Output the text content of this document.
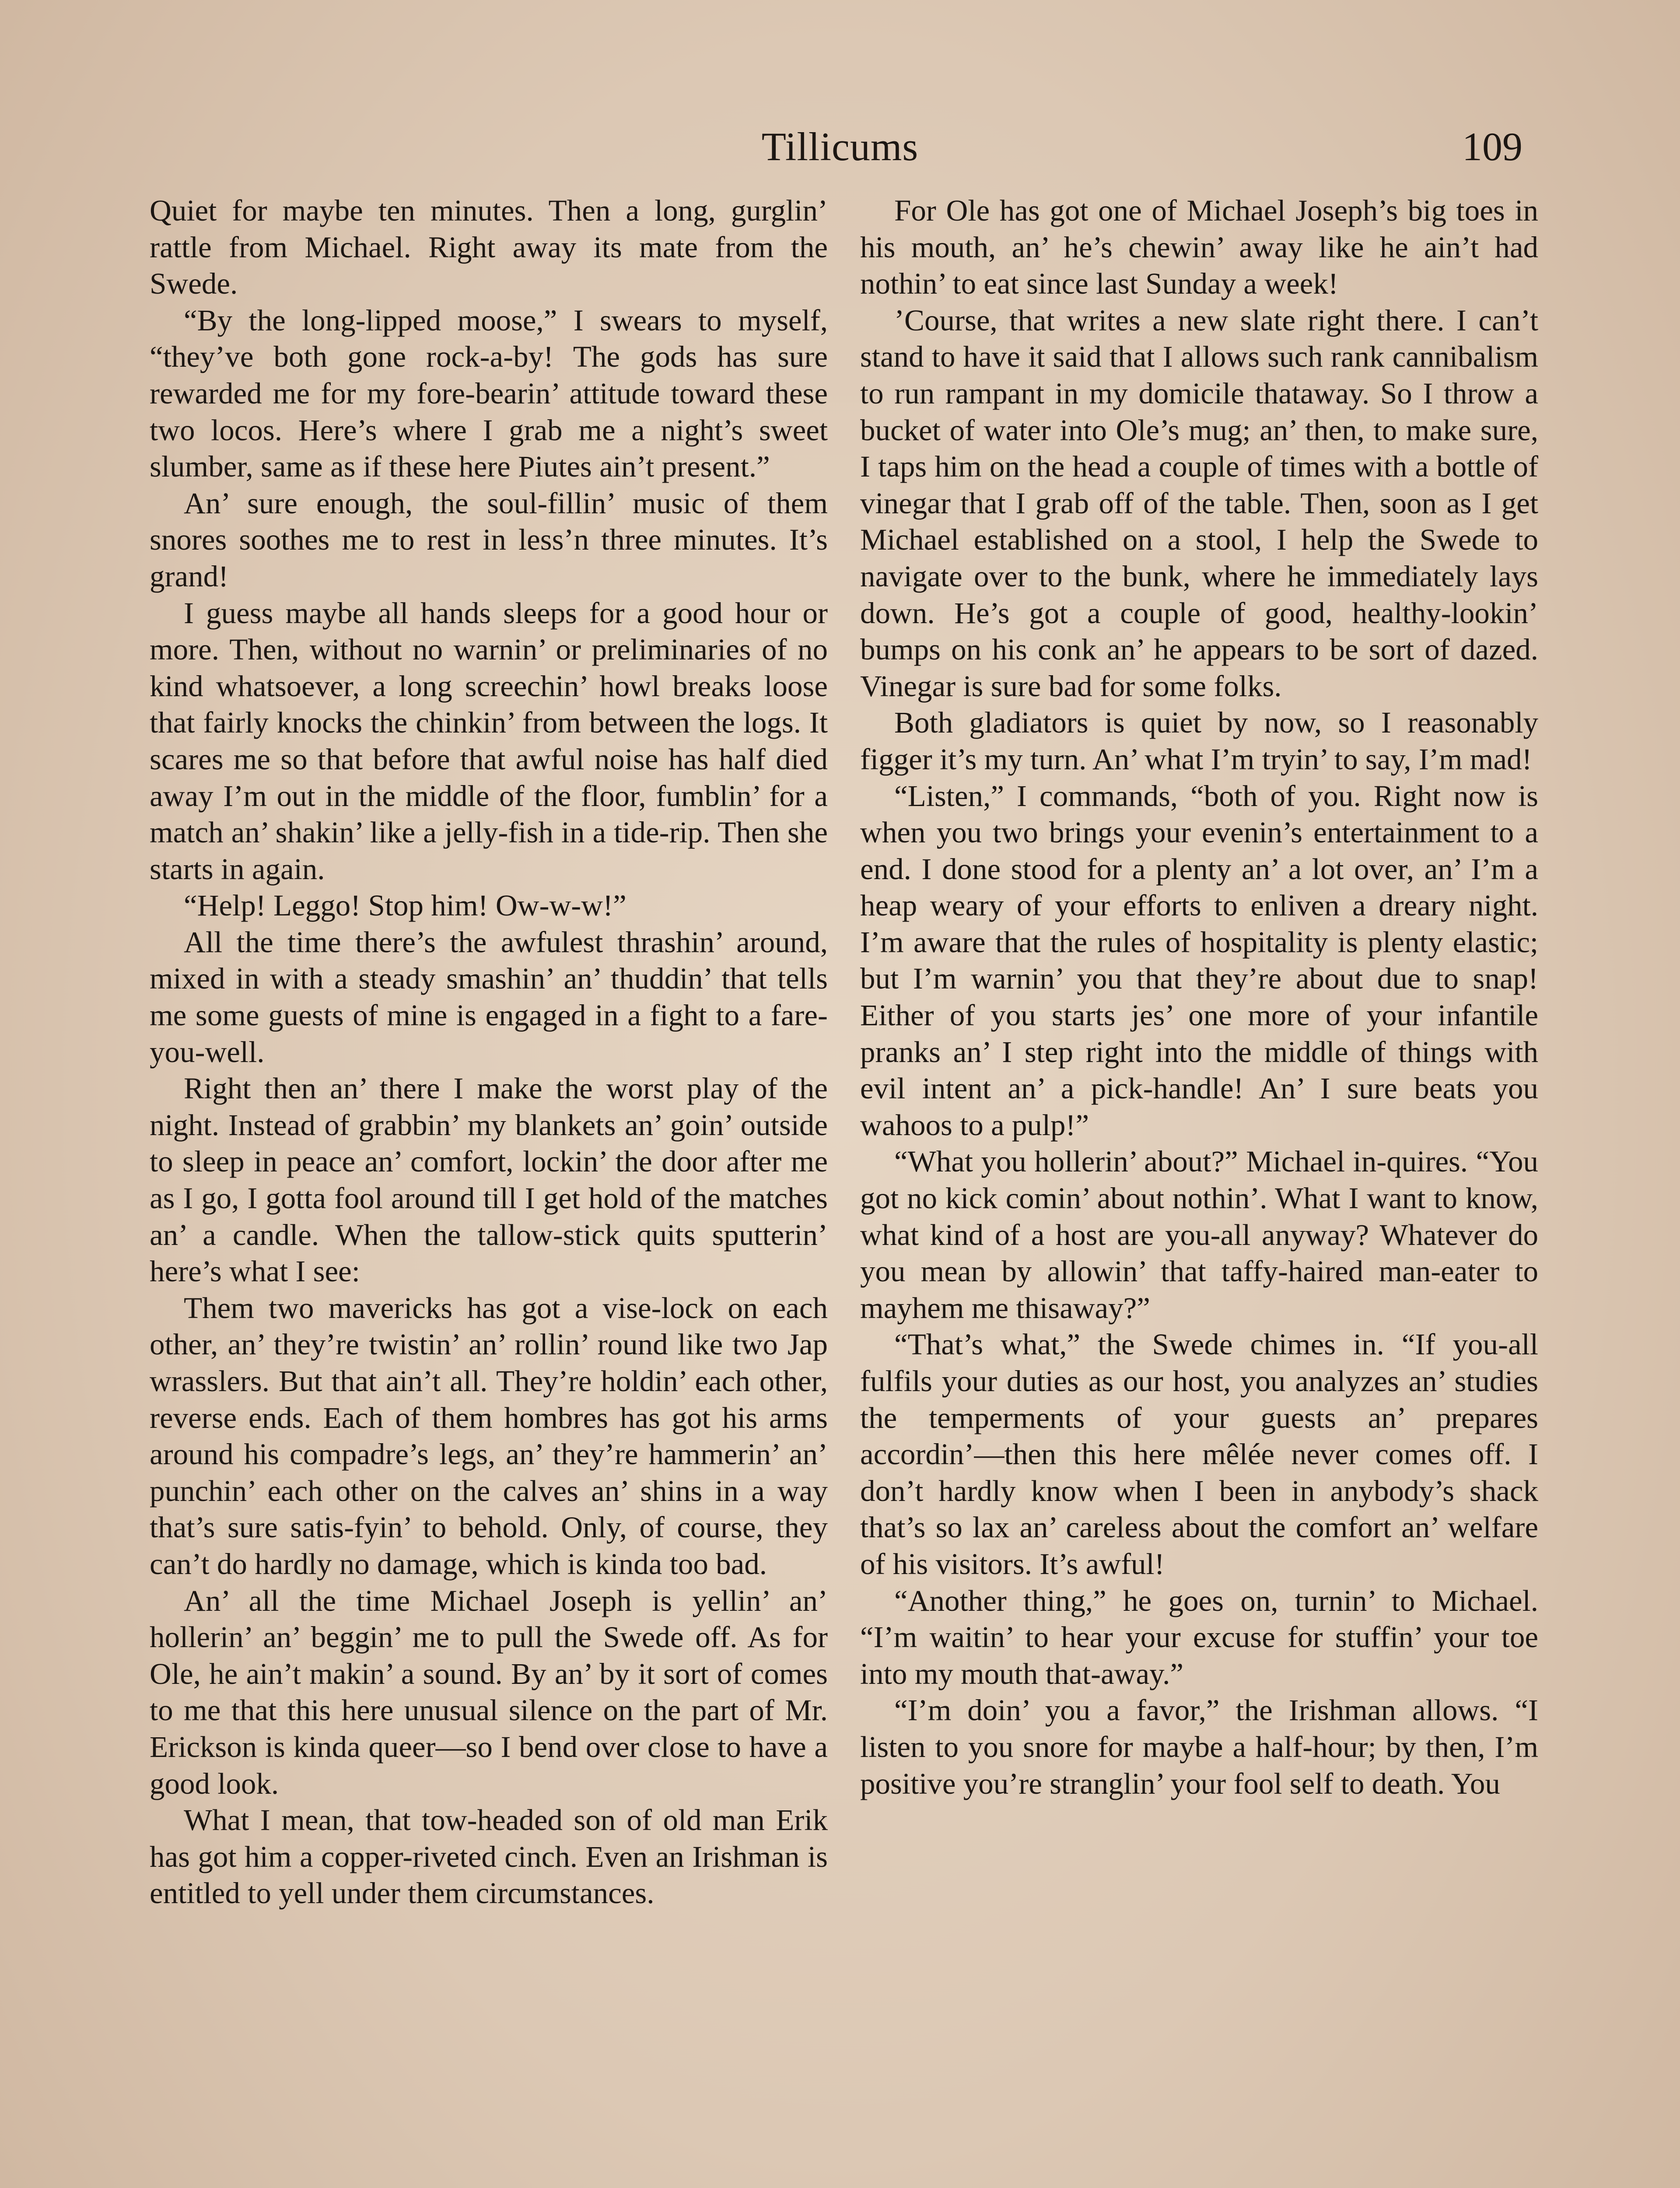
Tillicums	109

Quiet for maybe ten minutes. Then a long, gurglin’ rattle from Michael. Right away its mate from the Swede.

“By the long-lipped moose,” I swears to myself, “they’ve both gone rock-a-by! The gods has sure rewarded me for my fore-bearin’ attitude toward these two locos. Here’s where I grab me a night’s sweet slumber, same as if these here Piutes ain’t present.”

An’ sure enough, the soul-fillin’ music of them snores soothes me to rest in less’n three minutes. It’s grand!

I guess maybe all hands sleeps for a good hour or more. Then, without no warnin’ or preliminaries of no kind whatsoever, a long screechin’ howl breaks loose that fairly knocks the chinkin’ from between the logs. It scares me so that before that awful noise has half died away I’m out in the middle of the floor, fumblin’ for a match an’ shakin’ like a jelly-fish in a tide-rip. Then she starts in again.

“Help! Leggo! Stop him! Ow-w-w!”

All the time there’s the awfulest thrashin’ around, mixed in with a steady smashin’ an’ thuddin’ that tells me some guests of mine is engaged in a fight to a fare-you-well.

Right then an’ there I make the worst play of the night. Instead of grabbin’ my blankets an’ goin’ outside to sleep in peace an’ comfort, lockin’ the door after me as I go, I gotta fool around till I get hold of the matches an’ a candle. When the tallow-stick quits sputterin’ here’s what I see:

Them two mavericks has got a vise-lock on each other, an’ they’re twistin’ an’ rollin’ round like two Jap wrasslers. But that ain’t all. They’re holdin’ each other, reverse ends. Each of them hombres has got his arms around his compadre’s legs, an’ they’re hammerin’ an’ punchin’ each other on the calves an’ shins in a way that’s sure satis-fyin’ to behold. Only, of course, they can’t do hardly no damage, which is kinda too bad.

An’ all the time Michael Joseph is yellin’ an’ hollerin’ an’ beggin’ me to pull the Swede off. As for Ole, he ain’t makin’ a sound. By an’ by it sort of comes to me that this here unusual silence on the part of Mr. Erickson is kinda queer—so I bend over close to have a good look.

What I mean, that tow-headed son of old man Erik has got him a copper-riveted cinch. Even an Irishman is entitled to yell under them circumstances.

For Ole has got one of Michael Joseph’s big toes in his mouth, an’ he’s chewin’ away like he ain’t had nothin’ to eat since last Sunday a week!

’Course, that writes a new slate right there. I can’t stand to have it said that I allows such rank cannibalism to run rampant in my domicile thataway. So I throw a bucket of water into Ole’s mug; an’ then, to make sure, I taps him on the head a couple of times with a bottle of vinegar that I grab off of the table. Then, soon as I get Michael established on a stool, I help the Swede to navigate over to the bunk, where he immediately lays down. He’s got a couple of good, healthy-lookin’ bumps on his conk an’ he appears to be sort of dazed. Vinegar is sure bad for some folks.

Both gladiators is quiet by now, so I reasonably figger it’s my turn. An’ what I’m tryin’ to say, I’m mad!

“Listen,” I commands, “both of you. Right now is when you two brings your evenin’s entertainment to a end. I done stood for a plenty an’ a lot over, an’ I’m a heap weary of your efforts to enliven a dreary night. I’m aware that the rules of hospitality is plenty elastic; but I’m warnin’ you that they’re about due to snap! Either of you starts jes’ one more of your infantile pranks an’ I step right into the middle of things with evil intent an’ a pick-handle! An’ I sure beats you wahoos to a pulp!”

“What you hollerin’ about?” Michael in-quires. “You got no kick comin’ about nothin’. What I want to know, what kind of a host are you-all anyway? Whatever do you mean by allowin’ that taffy-haired man-eater to mayhem me thisaway?”

“That’s what,” the Swede chimes in. “If you-all fulfils your duties as our host, you analyzes an’ studies the temperments of your guests an’ prepares accordin’—then this here mêlée never comes off. I don’t hardly know when I been in anybody’s shack that’s so lax an’ careless about the comfort an’ welfare of his visitors. It’s awful!

“Another thing,” he goes on, turnin’ to Michael. “I’m waitin’ to hear your excuse for stuffin’ your toe into my mouth that-away.”

“I’m doin’ you a favor,” the Irishman allows. “I listen to you snore for maybe a half-hour; by then, I’m positive you’re stranglin’ your fool self to death. You
